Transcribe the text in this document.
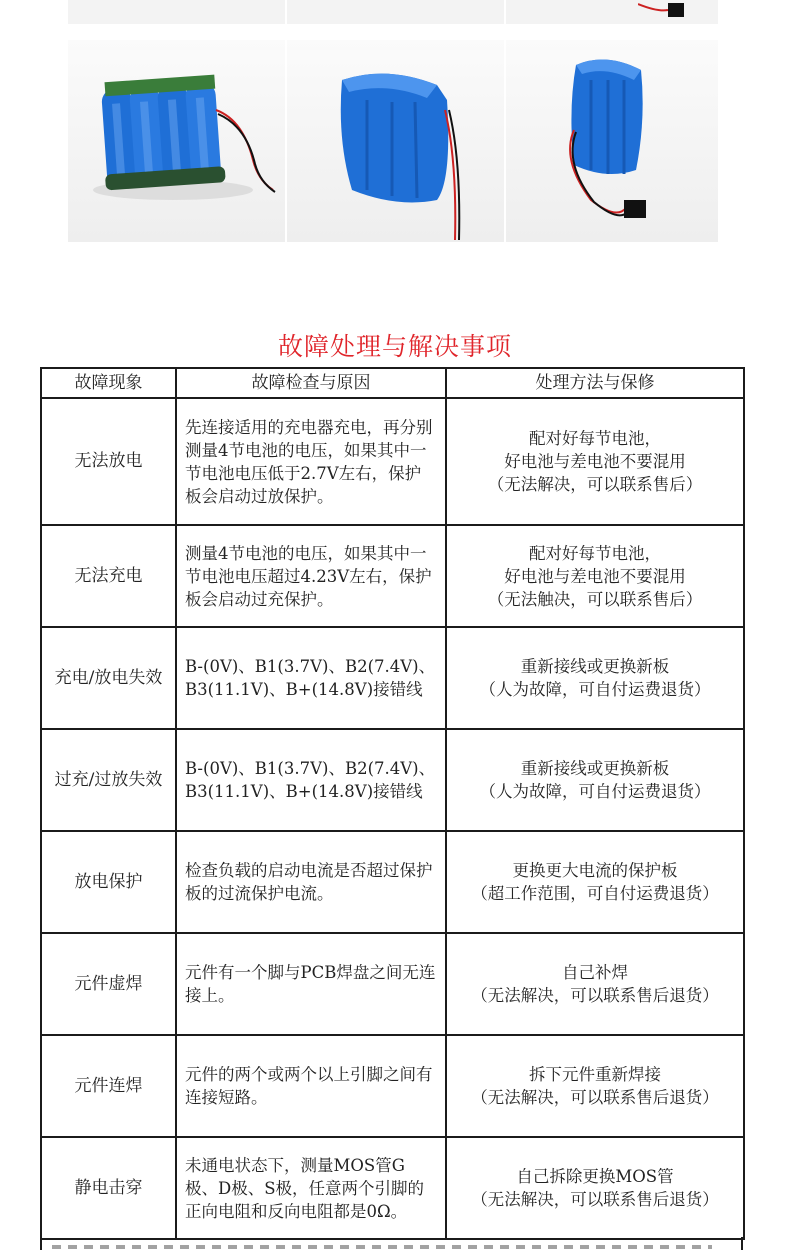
故障处理与解决事项
故障现象	故障检查与原因	处理方法与保修
无法放电	先连接适用的充电器充电，再分别测量4节电池的电压，如果其中一节电池电压低于2.7V左右，保护板会启动过放保护。	配对好每节电池，
好电池与差电池不要混用
（无法解决，可以联系售后）

无法充电	测量4节电池的电压，如果其中一节电池电压超过4.23V左右，保护板会启动过充保护。	配对好每节电池，
好电池与差电池不要混用
（无法触决，可以联系售后）

充电/放电失效	B-(0V)、B1(3.7V)、B2(7.4V)、B3(11.1V)、B+(14.8V)接错线	重新接线或更换新板
（人为故障，可自付运费退货）

过充/过放失效	B-(0V)、B1(3.7V)、B2(7.4V)、B3(11.1V)、B+(14.8V)接错线	重新接线或更换新板
（人为故障，可自付运费退货）

放电保护	检查负载的启动电流是否超过保护板的过流保护电流。	更换更大电流的保护板
（超工作范围，可自付运费退货）

元件虚焊	元件有一个脚与PCB焊盘之间无连接上。	自己补焊
（无法解决，可以联系售后退货）

元件连焊	元件的两个或两个以上引脚之间有连接短路。	拆下元件重新焊接
（无法解决，可以联系售后退货）

静电击穿	未通电状态下，测量MOS管G极、D极、S极，任意两个引脚的正向电阻和反向电阻都是0Ω。	自己拆除更换MOS管
（无法解决，可以联系售后退货）
